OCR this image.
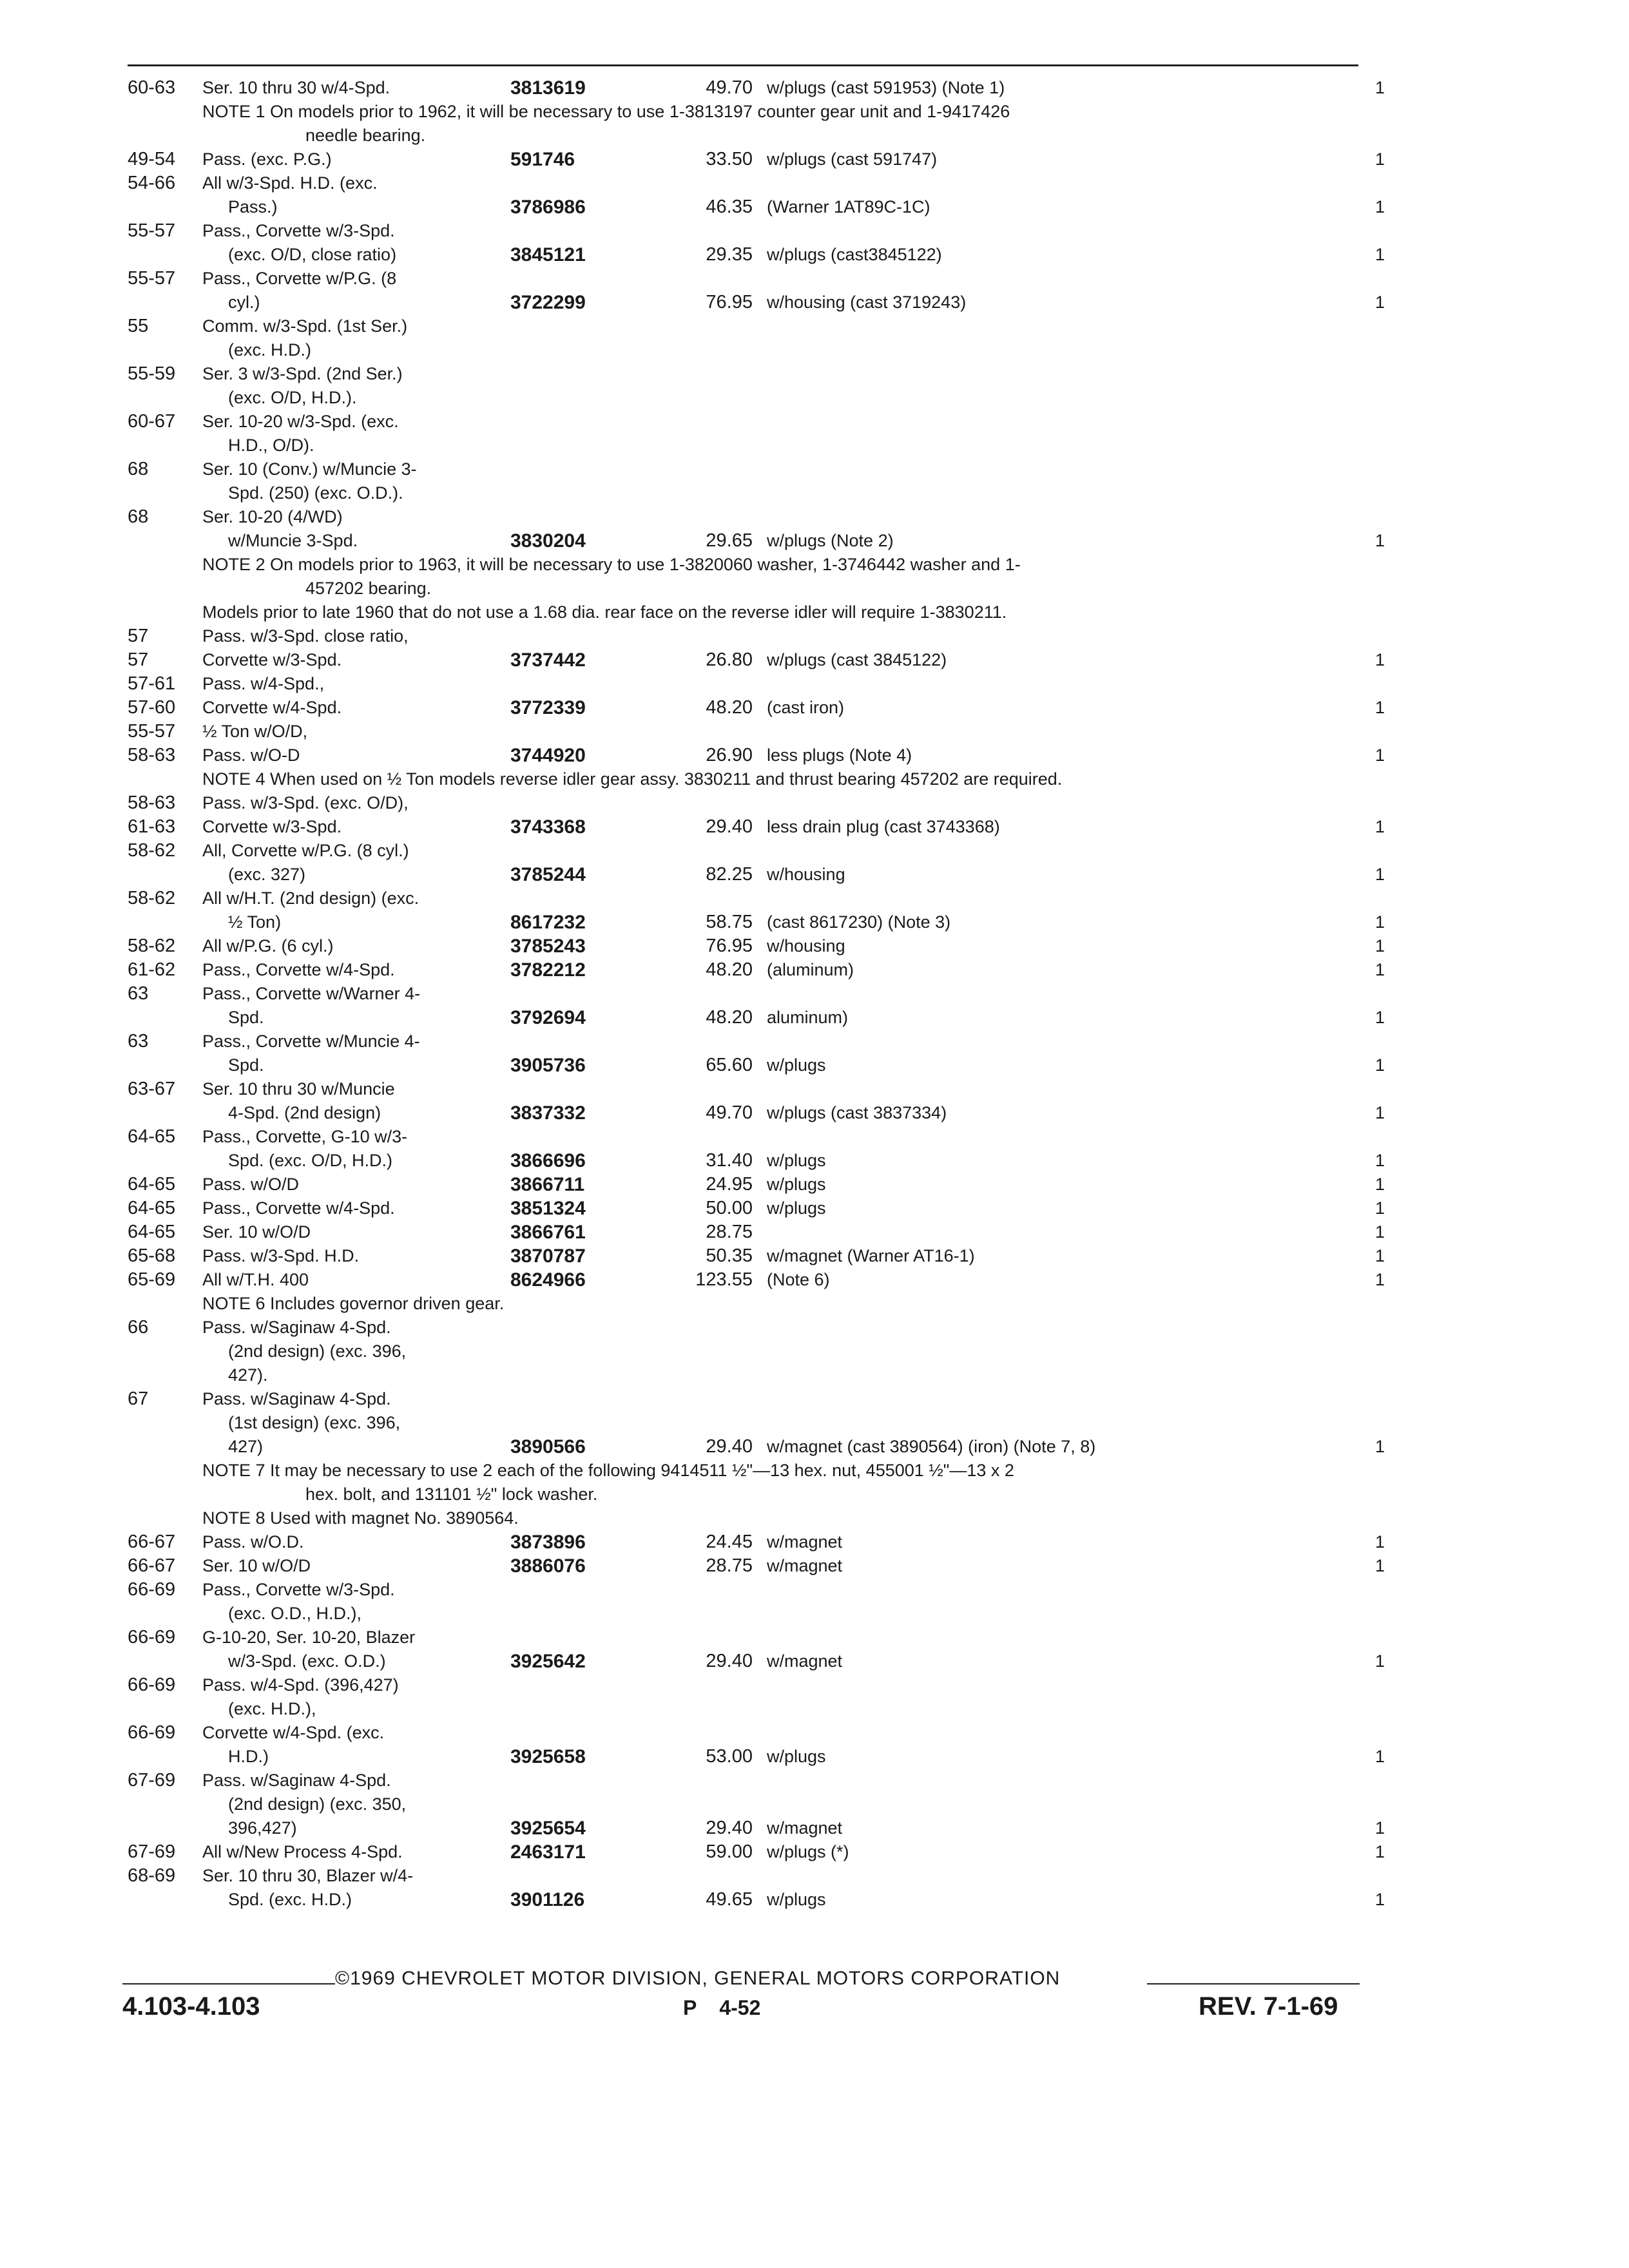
60-63 Ser. 10 thru 30 w/4-Spd.	3813619	49.70 w/plugs (cast 591953) (Note 1)	1
NOTE 1 On models prior to 1962, it will be necessary to use 1-3813197 counter gear unit and 1-9417426
needle bearing.
49-54 Pass. (exc. P.G.)	591746	33.50 w/plugs (cast 591747)	1
54-66 All w/3-Spd. H.D. (exc.
Pass.)	3786986	46.35 (Warner 1AT89C-1C)	1
55-57 Pass., Corvette w/3-Spd.
(exc. O/D, close ratio)	3845121	29.35 w/plugs (cast3845122)	1
55-57 Pass., Corvette w/P.G. (8
cyl.)	3722299	76.95 w/housing (cast 3719243)	1
55	Comm. w/3-Spd. (1st Ser.)
(exc. H.D.)
55-59 Ser. 3 w/3-Spd. (2nd Ser.)
(exc. O/D, H.D.).
60-67 Ser. 10-20 w/3-Spd. (exc.
H.D., O/D).
68	Ser. 10 (Conv.) w/Muncie 3-
Spd. (250) (exc. O.D.).
68	Ser. 10-20 (4/WD)
w/Muncie 3-Spd.	3830204	29.65 w/plugs (Note 2)	1
NOTE 2 On models prior to 1963, it will be necessary to use 1-3820060 washer, 1-3746442 washer and 1-
457202 bearing.
Models prior to late 1960 that do not use a 1.68 dia. rear face on the reverse idler will require 1-3830211.
57	Pass. w/3-Spd. close ratio,
57	Corvette w/3-Spd.	3737442	26.80 w/plugs (cast 3845122)	1
57-61 Pass. w/4-Spd.,
57-60 Corvette w/4-Spd.	3772339	48.20 (cast iron)	1
55-57 ½ Ton w/O/D,
58-63 Pass. w/O-D	3744920	26.90 less plugs (Note 4)	1
NOTE 4 When used on ½ Ton models reverse idler gear assy. 3830211 and thrust bearing 457202 are required.
58-63 Pass. w/3-Spd. (exc. O/D),
61-63 Corvette w/3-Spd.	3743368	29.40 less drain plug (cast 3743368)	1
58-62 All, Corvette w/P.G. (8 cyl.)
(exc. 327)	3785244	82.25 w/housing	1
58-62 All w/H.T. (2nd design) (exc.
½ Ton)	8617232	58.75 (cast 8617230) (Note 3)	1
58-62 All w/P.G. (6 cyl.)	3785243	76.95 w/housing	1
61-62 Pass., Corvette w/4-Spd.	3782212	48.20 (aluminum)	1
63	Pass., Corvette w/Warner 4-
Spd.	3792694	48.20 aluminum)	1
63	Pass., Corvette w/Muncie 4-
Spd.	3905736	65.60 w/plugs	1
63-67 Ser. 10 thru 30 w/Muncie
4-Spd. (2nd design)	3837332	49.70 w/plugs (cast 3837334)	1
64-65 Pass., Corvette, G-10 w/3-
Spd. (exc. O/D, H.D.)	3866696	31.40 w/plugs	1
64-65 Pass. w/O/D	3866711	24.95 w/plugs	1
64-65 Pass., Corvette w/4-Spd.	3851324	50.00 w/plugs	1
64-65 Ser. 10 w/O/D	3866761	28.75	1
65-68 Pass. w/3-Spd. H.D.	3870787	50.35 w/magnet (Warner AT16-1)	1
65-69 All w/T.H. 400	8624966	123.55 (Note 6)	1
NOTE 6 Includes governor driven gear.
66	Pass. w/Saginaw 4-Spd.
(2nd design) (exc. 396,
427).
67	Pass. w/Saginaw 4-Spd.
(1st design) (exc. 396,
427)	3890566	29.40 w/magnet (cast 3890564) (iron) (Note 7, 8)	1
NOTE 7 It may be necessary to use 2 each of the following 9414511 ½"—13 hex. nut, 455001 ½"—13 x 2
hex. bolt, and 131101 ½" lock washer.
NOTE 8 Used with magnet No. 3890564.
66-67 Pass. w/O.D.	3873896	24.45 w/magnet	1
66-67 Ser. 10 w/O/D	3886076	28.75 w/magnet	1
66-69 Pass., Corvette w/3-Spd.
(exc. O.D., H.D.),
66-69 G-10-20, Ser. 10-20, Blazer
w/3-Spd. (exc. O.D.)	3925642	29.40 w/magnet	1
66-69 Pass. w/4-Spd. (396,427)
(exc. H.D.),
66-69 Corvette w/4-Spd. (exc.
H.D.)	3925658	53.00 w/plugs	1
67-69 Pass. w/Saginaw 4-Spd.
(2nd design) (exc. 350,
396,427)	3925654	29.40 w/magnet	1
67-69 All w/New Process 4-Spd.	2463171	59.00 w/plugs (*)	1
68-69 Ser. 10 thru 30, Blazer w/4-
Spd. (exc. H.D.)	3901126	49.65 w/plugs	1
©1969 CHEVROLET MOTOR DIVISION, GENERAL MOTORS CORPORATION
4.103-4.103	P    4-52	REV. 7-1-69
